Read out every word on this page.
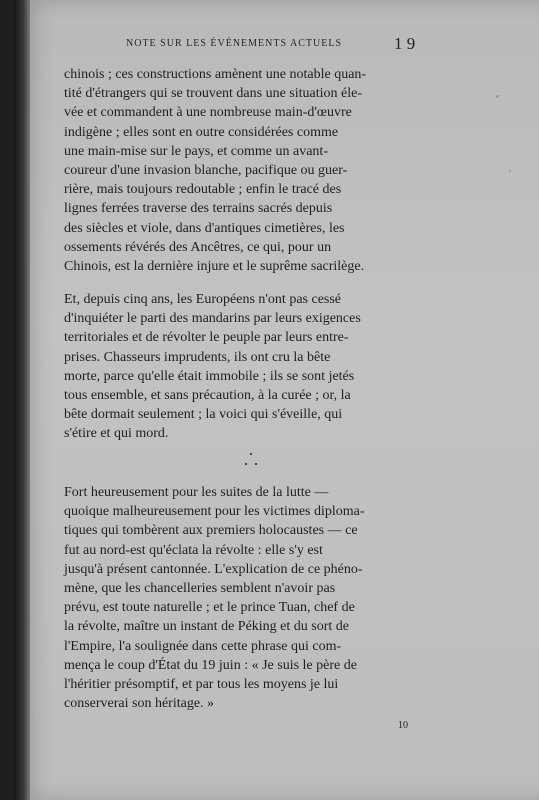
NOTE SUR LES ÉVÉNEMENTS ACTUELS	1 9

chinois ; ces constructions amènent une notable quan-
tité d'étrangers qui se trouvent dans une situation éle-
vée et commandent à une nombreuse main-d'œuvre
indigène ; elles sont en outre considérées comme
une main-mise sur le pays, et comme un avant-
coureur d'une invasion blanche, pacifique ou guer-
rière, mais toujours redoutable ; enfin le tracé des
lignes ferrées traverse des terrains sacrés depuis
des siècles et viole, dans d'antiques cimetières, les
ossements révérés des Ancêtres, ce qui, pour un
Chinois, est la dernière injure et le suprême sacrilège.

Et, depuis cinq ans, les Européens n'ont pas cessé
d'inquiéter le parti des mandarins par leurs exigences
territoriales et de révolter le peuple par leurs entre-
prises. Chasseurs imprudents, ils ont cru la bête
morte, parce qu'elle était immobile ; ils se sont jetés
tous ensemble, et sans précaution, à la curée ; or, la
bête dormait seulement ; la voici qui s'éveille, qui
s'étire et qui mord.

Fort heureusement pour les suites de la lutte —
quoique malheureusement pour les victimes diploma-
tiques qui tombèrent aux premiers holocaustes — ce
fut au nord-est qu'éclata la révolte : elle s'y est
jusqu'à présent cantonnée. L'explication de ce phéno-
mène, que les chancelleries semblent n'avoir pas
prévu, est toute naturelle ; et le prince Tuan, chef de
la révolte, maître un instant de Péking et du sort de
l'Empire, l'a soulignée dans cette phrase qui com-
mença le coup d'État du 19 juin : « Je suis le père de
l'héritier présomptif, et par tous les moyens je lui
conserverai son héritage. »

10
